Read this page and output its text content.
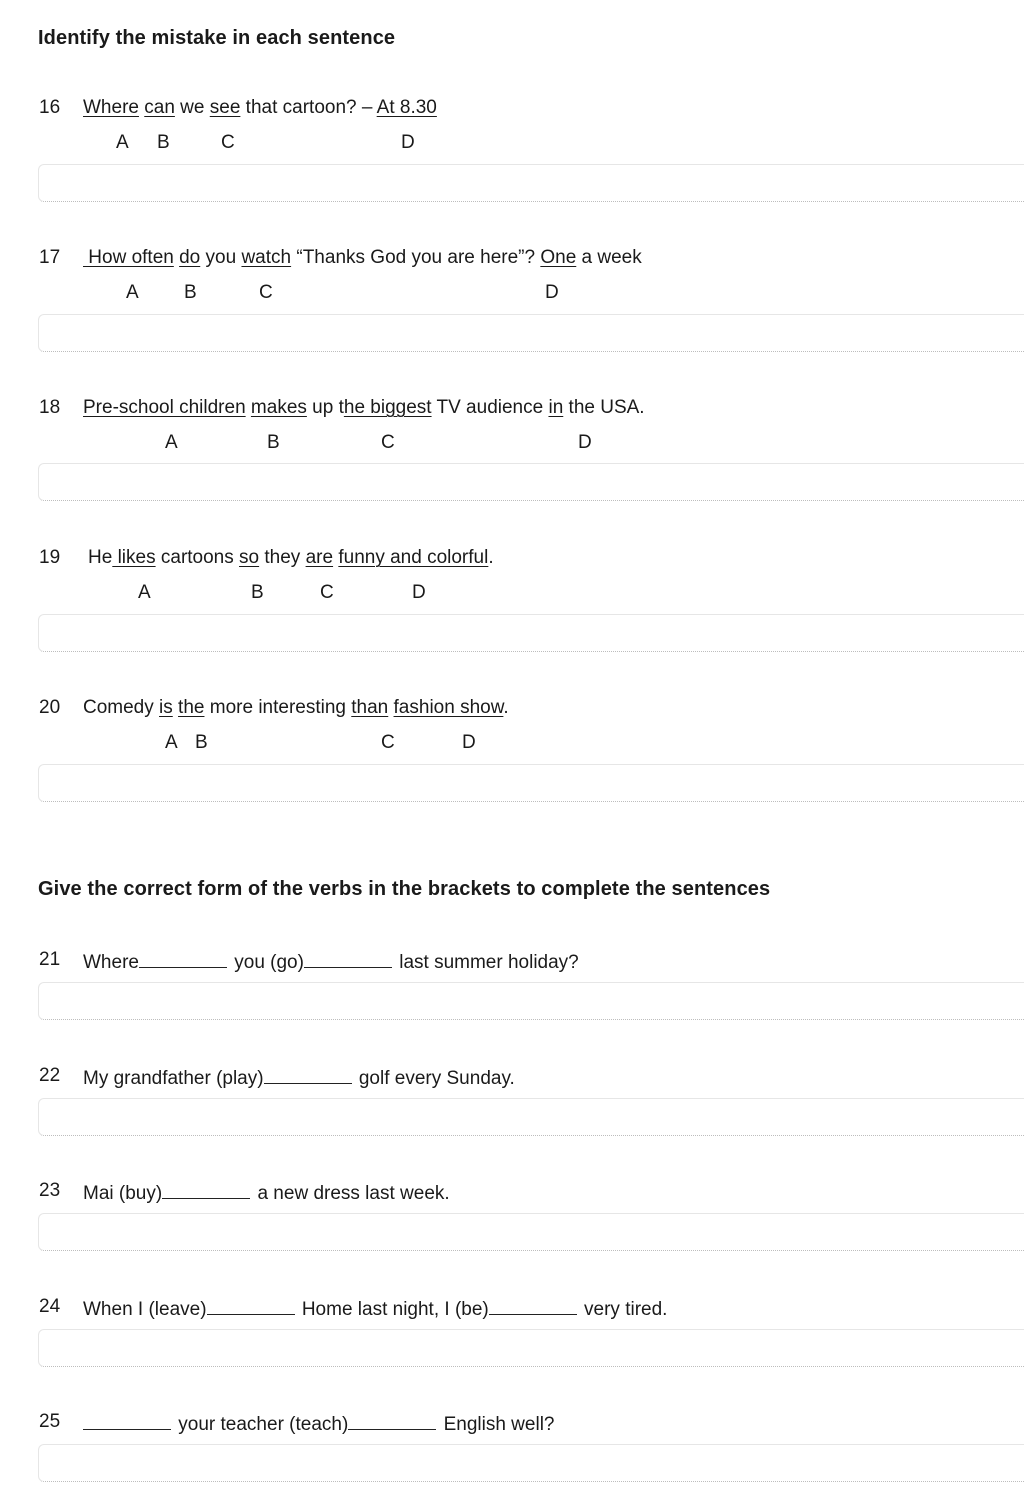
Identify the mistake in each sentence
16 Where can we see that cartoon? – At 8.30
A B	C	D
17 How often do you watch “Thanks God you are here”? One a week
A B	C	D
18 Pre-school children makes up the biggest TV audience in the USA.
A	B	C	D
19 He likes cartoons so they are funny and colorful.
A	B	C	D
20 Comedy is the more interesting than fashion show.
A B	C	D
Give the correct form of the verbs in the brackets to complete the sentences
21 Where	you (go)	last summer holiday?
22 My grandfather (play)	golf every Sunday.
23 Mai (buy)	a new dress last week.
24 When I (leave)	Home last night, I (be)	very tired.
25	your teacher (teach)	English well?
